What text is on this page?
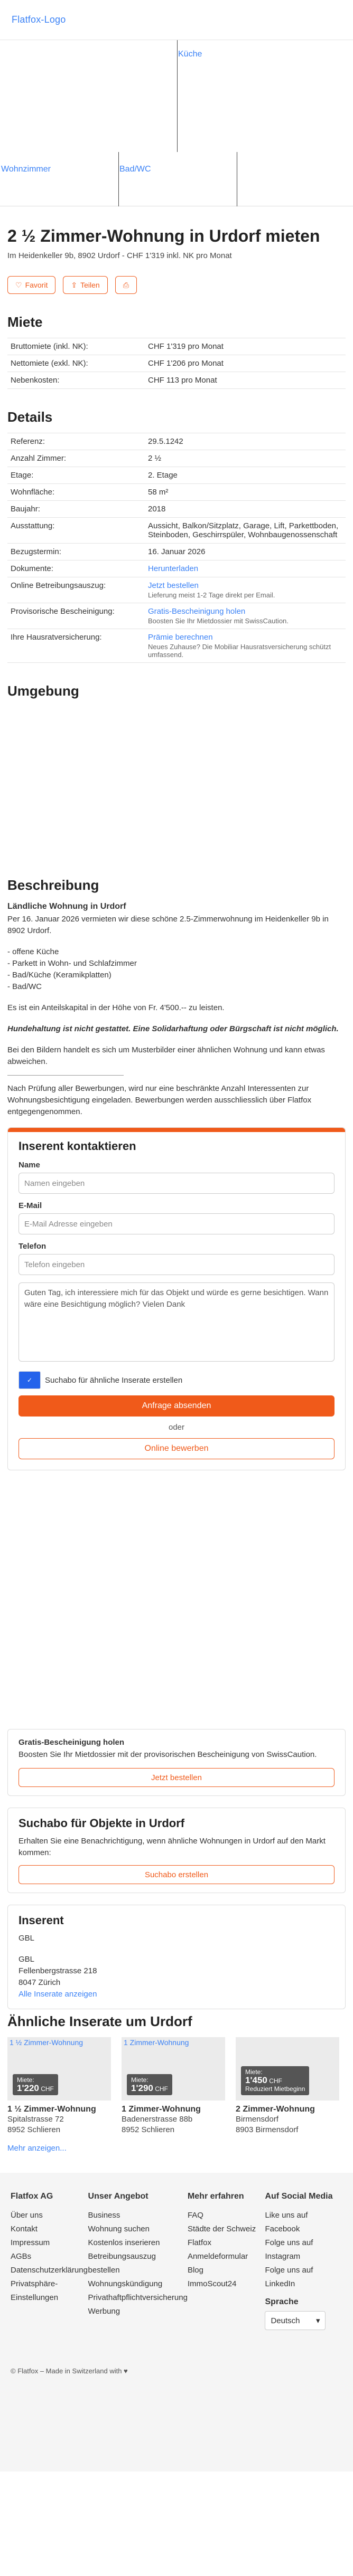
Flatfox-Logo
Küche
Wohnzimmer	Bad/WC
2 ½ Zimmer-Wohnung in Urdorf mieten
Im Heidenkeller 9b, 8902 Urdorf - CHF 1'319 inkl. NK pro Monat
♡ Favorit	⇪ Teilen	⎙
Miete
Bruttomiete (inkl. NK):	CHF 1'319 pro Monat
Nettomiete (exkl. NK):	CHF 1'206 pro Monat
Nebenkosten:	CHF 113 pro Monat
Details
Referenz:	29.5.1242
Anzahl Zimmer:	2 ½
Etage:	2. Etage
Wohnfläche:	58 m²
Baujahr:	2018
Ausstattung:	Aussicht, Balkon/Sitzplatz, Garage, Lift, Parkettboden, Steinboden, Geschirrspüler, Wohnbaugenossenschaft
Bezugstermin:	16. Januar 2026
Dokumente:	Herunterladen
Online Betreibungsauszug:	Jetzt bestellen
Lieferung meist 1-2 Tage direkt per Email.

Provisorische Bescheinigung:	Gratis-Bescheinigung holen
Boosten Sie Ihr Mietdossier mit SwissCaution.

Ihre Hausratversicherung:	Prämie berechnen
Neues Zuhause? Die Mobiliar Hausratsversicherung schützt umfassend.
Umgebung
Beschreibung
Ländliche Wohnung in Urdorf

Per 16. Januar 2026 vermieten wir diese schöne 2.5-Zimmerwohnung im Heidenkeller 9b in 8902 Urdorf.

- offene Küche
- Parkett in Wohn- und Schlafzimmer
- Bad/Küche (Keramikplatten)
- Bad/WC

Es ist ein Anteilskapital in der Höhe von Fr. 4'500.-- zu leisten.

Hundehaltung ist nicht gestattet. Eine Solidarhaftung oder Bürgschaft ist nicht möglich.

Bei den Bildern handelt es sich um Musterbilder einer ähnlichen Wohnung und kann etwas abweichen.

Nach Prüfung aller Bewerbungen, wird nur eine beschränkte Anzahl Interessenten zur Wohnungsbesichtigung eingeladen. Bewerbungen werden ausschliesslich über Flatfox entgegengenommen.

Inserent kontaktieren
Name
Namen eingeben
E-Mail
E-Mail Adresse eingeben
Telefon
Telefon eingeben Guten Tag, ich interessiere mich für das Objekt und würde es gerne besichtigen. Wann wäre eine Besichtigung möglich? Vielen Dank
✓	Suchabo für ähnliche Inserate erstellen
Anfrage absenden
oder
Online bewerben
Gratis-Bescheinigung holen

Boosten Sie Ihr Mietdossier mit der provisorischen Bescheinigung von SwissCaution.

Jetzt bestellen
Suchabo für Objekte in Urdorf

Erhalten Sie eine Benachrichtigung, wenn ähnliche Wohnungen in Urdorf auf den Markt kommen:

Suchabo erstellen
Inserent
GBL
GBL
Fellenbergstrasse 218
8047 Zürich
Alle Inserate anzeigen
Ähnliche Inserate um Urdorf
1 ½ Zimmer-Wohnung
Miete:
1'220 CHF
1 ½ Zimmer-Wohnung
Spitalstrasse 72
8952 Schlieren
1 Zimmer-Wohnung
Miete:
1'290 CHF
1 Zimmer-Wohnung
Badenerstrasse 88b
8952 Schlieren
Miete:
1'450 CHF
Reduziert Mietbeginn
2 Zimmer-Wohnung
Birmensdorf
8903 Birmensdorf
Mehr anzeigen...
Flatfox AG
Über uns
Kontakt
Impressum
AGBs
Datenschutzerklärung
Privatsphäre-Einstellungen
Unser Angebot
Business
Wohnung suchen
Kostenlos inserieren
Betreibungsauszug bestellen
Wohnungskündigung
Privathaftpflichtversicherung
Werbung
Mehr erfahren
FAQ
Städte der Schweiz
Flatfox Anmeldeformular
Blog
ImmoScout24
Auf Social Media
Like uns auf Facebook
Folge uns auf Instagram
Folge uns auf LinkedIn
Sprache
Deutsch ▾
© Flatfox – Made in Switzerland with ♥
